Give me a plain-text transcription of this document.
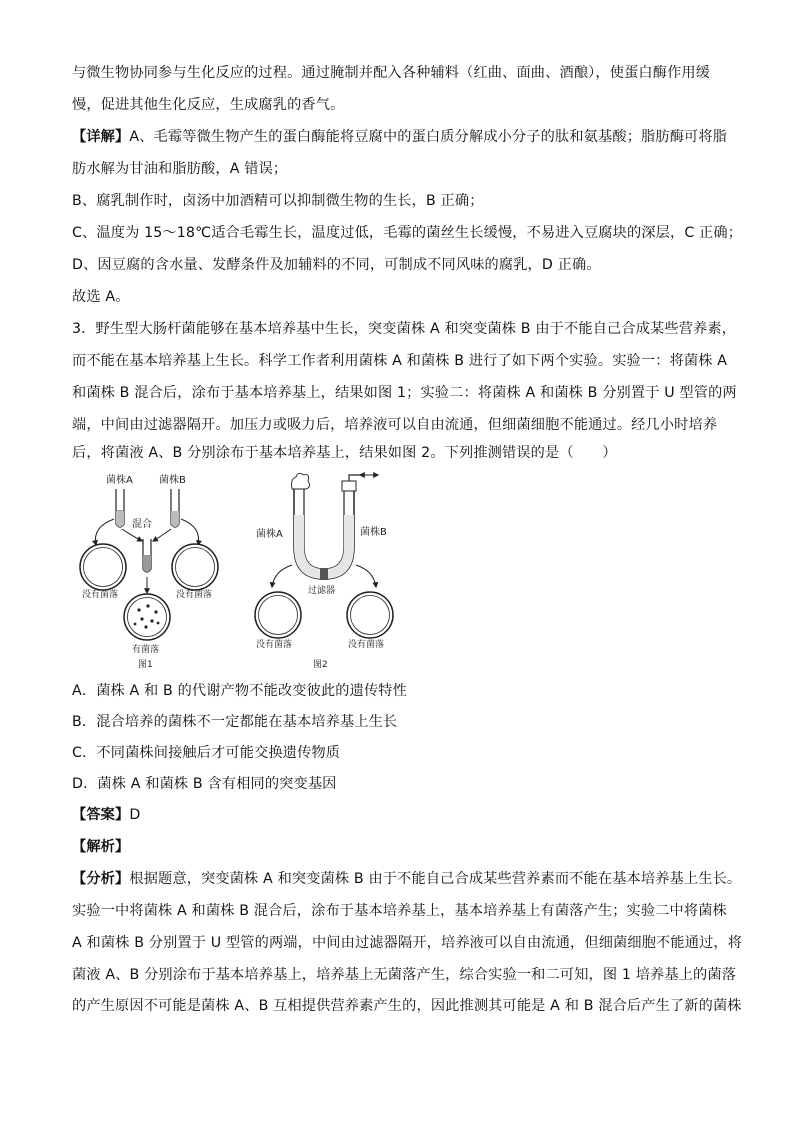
与微生物协同参与生化反应的过程。通过腌制并配入各种辅料（红曲、面曲、酒酿），使蛋白酶作用缓
慢，促进其他生化反应，生成腐乳的香气。
【详解】A、毛霉等微生物产生的蛋白酶能将豆腐中的蛋白质分解成小分子的肽和氨基酸；脂肪酶可将脂
肪水解为甘油和脂肪酸，A 错误；
B、腐乳制作时，卤汤中加酒精可以抑制微生物的生长，B 正确；
C、温度为 15～18℃适合毛霉生长，温度过低，毛霉的菌丝生长缓慢，不易进入豆腐块的深层，C 正确；
D、因豆腐的含水量、发酵条件及加辅料的不同，可制成不同风味的腐乳，D 正确。
故选 A。
3．野生型大肠杆菌能够在基本培养基中生长，突变菌株 A 和突变菌株 B 由于不能自己合成某些营养素，
而不能在基本培养基上生长。科学工作者利用菌株 A 和菌株 B 进行了如下两个实验。实验一：将菌株 A
和菌株 B 混合后，涂布于基本培养基上，结果如图 1；实验二：将菌株 A 和菌株 B 分别置于 U 型管的两
端，中间由过滤器隔开。加压力或吸力后，培养液可以自由流通，但细菌细胞不能通过。经几小时培养
后，将菌液 A、B 分别涂布于基本培养基上，结果如图 2。下列推测错误的是（　　）
菌株A	菌株B
混合
没有菌落	没有菌落
有菌落
图1
菌株A	菌株B
过滤器
没有菌落	没有菌落
图2
A．菌株 A 和 B 的代谢产物不能改变彼此的遗传特性
B．混合培养的菌株不一定都能在基本培养基上生长
C．不同菌株间接触后才可能交换遗传物质
D．菌株 A 和菌株 B 含有相同的突变基因
【答案】D
【解析】
【分析】根据题意，突变菌株 A 和突变菌株 B 由于不能自己合成某些营养素而不能在基本培养基上生长。
实验一中将菌株 A 和菌株 B 混合后，涂布于基本培养基上，基本培养基上有菌落产生；实验二中将菌株
A 和菌株 B 分别置于 U 型管的两端，中间由过滤器隔开，培养液可以自由流通，但细菌细胞不能通过，将
菌液 A、B 分别涂布于基本培养基上，培养基上无菌落产生，综合实验一和二可知，图 1 培养基上的菌落
的产生原因不可能是菌株 A、B 互相提供营养素产生的，因此推测其可能是 A 和 B 混合后产生了新的菌株
